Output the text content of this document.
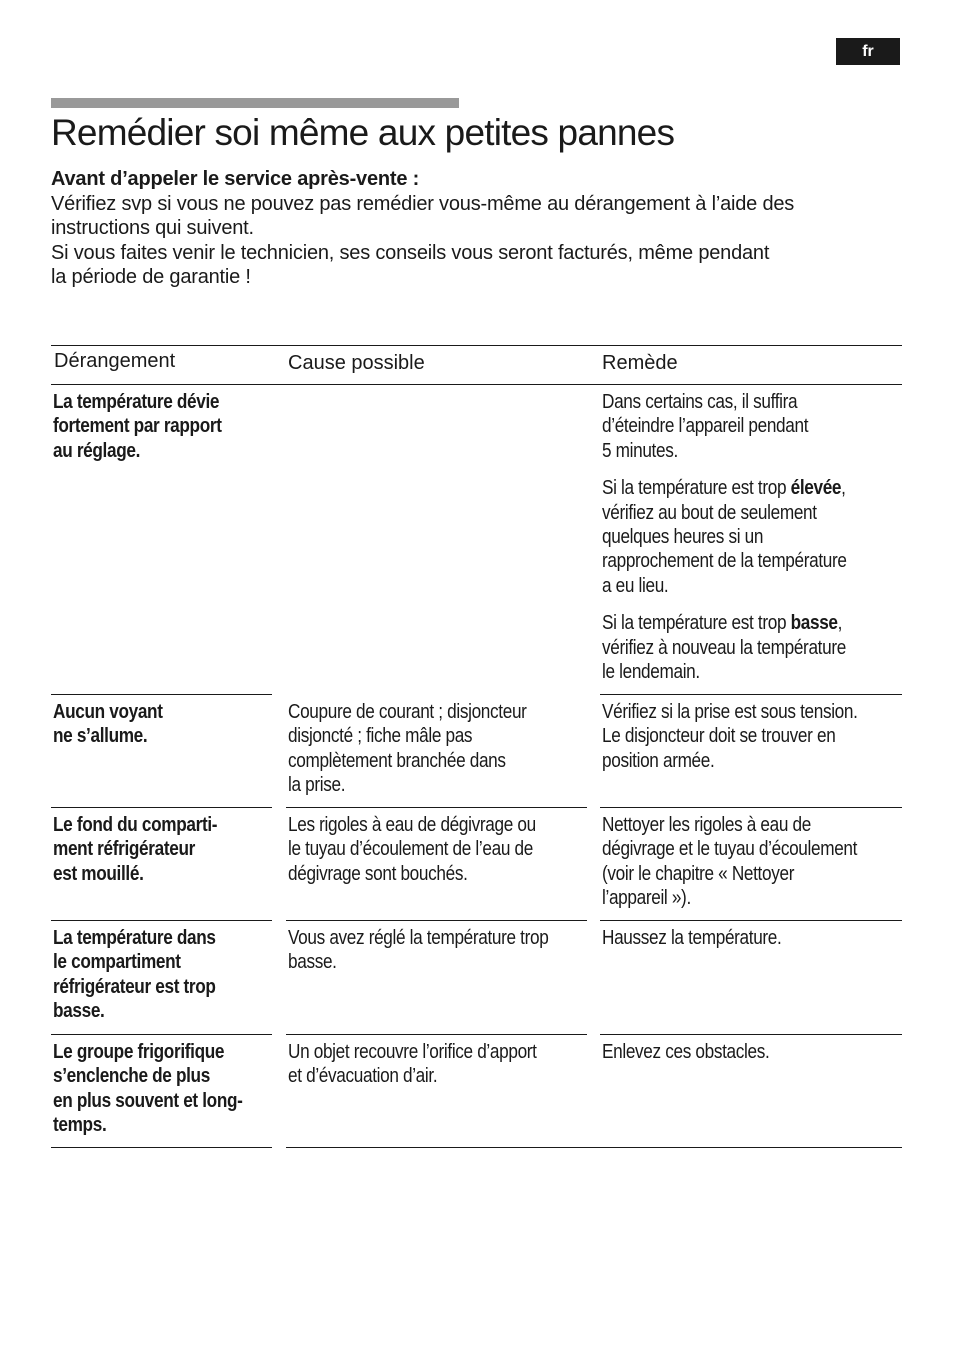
fr
Remédier soi même aux petites pannes

Avant d’appeler le service après-vente :

Vérifiez svp si vous ne pouvez pas remédier vous-même au dérangement à l’aide des

instructions qui suivent.

Si vous faites venir le technicien, ses conseils vous seront facturés, même pendant

la période de garantie !

Dérangement	Cause possible	Remède
La température dévie
fortement par rapport
au réglage.

Dans certains cas, il suffira
d’éteindre l’appareil pendant
5 minutes.

Si la température est trop élevée,
vérifiez au bout de seulement
quelques heures si un
rapprochement de la température
a eu lieu.

Si la température est trop basse,
vérifiez à nouveau la température
le lendemain.

Aucun voyant
ne s’allume.
Coupure de courant ; disjoncteur
disjoncté ; fiche mâle pas
complètement branchée dans
la prise.
Vérifiez si la prise est sous tension.
Le disjoncteur doit se trouver en
position armée.
Le fond du comparti-
ment réfrigérateur
est mouillé.
Les rigoles à eau de dégivrage ou
le tuyau d’écoulement de l’eau de
dégivrage sont bouchés.
Nettoyer les rigoles à eau de
dégivrage et le tuyau d’écoulement
(voir le chapitre « Nettoyer
l’appareil »).
La température dans
le compartiment
réfrigérateur est trop
basse.
Vous avez réglé la température trop
basse.
Haussez la température.
Le groupe frigorifique
s’enclenche de plus
en plus souvent et long-
temps.
Un objet recouvre l’orifice d’apport
et d’évacuation d’air.
Enlevez ces obstacles.
